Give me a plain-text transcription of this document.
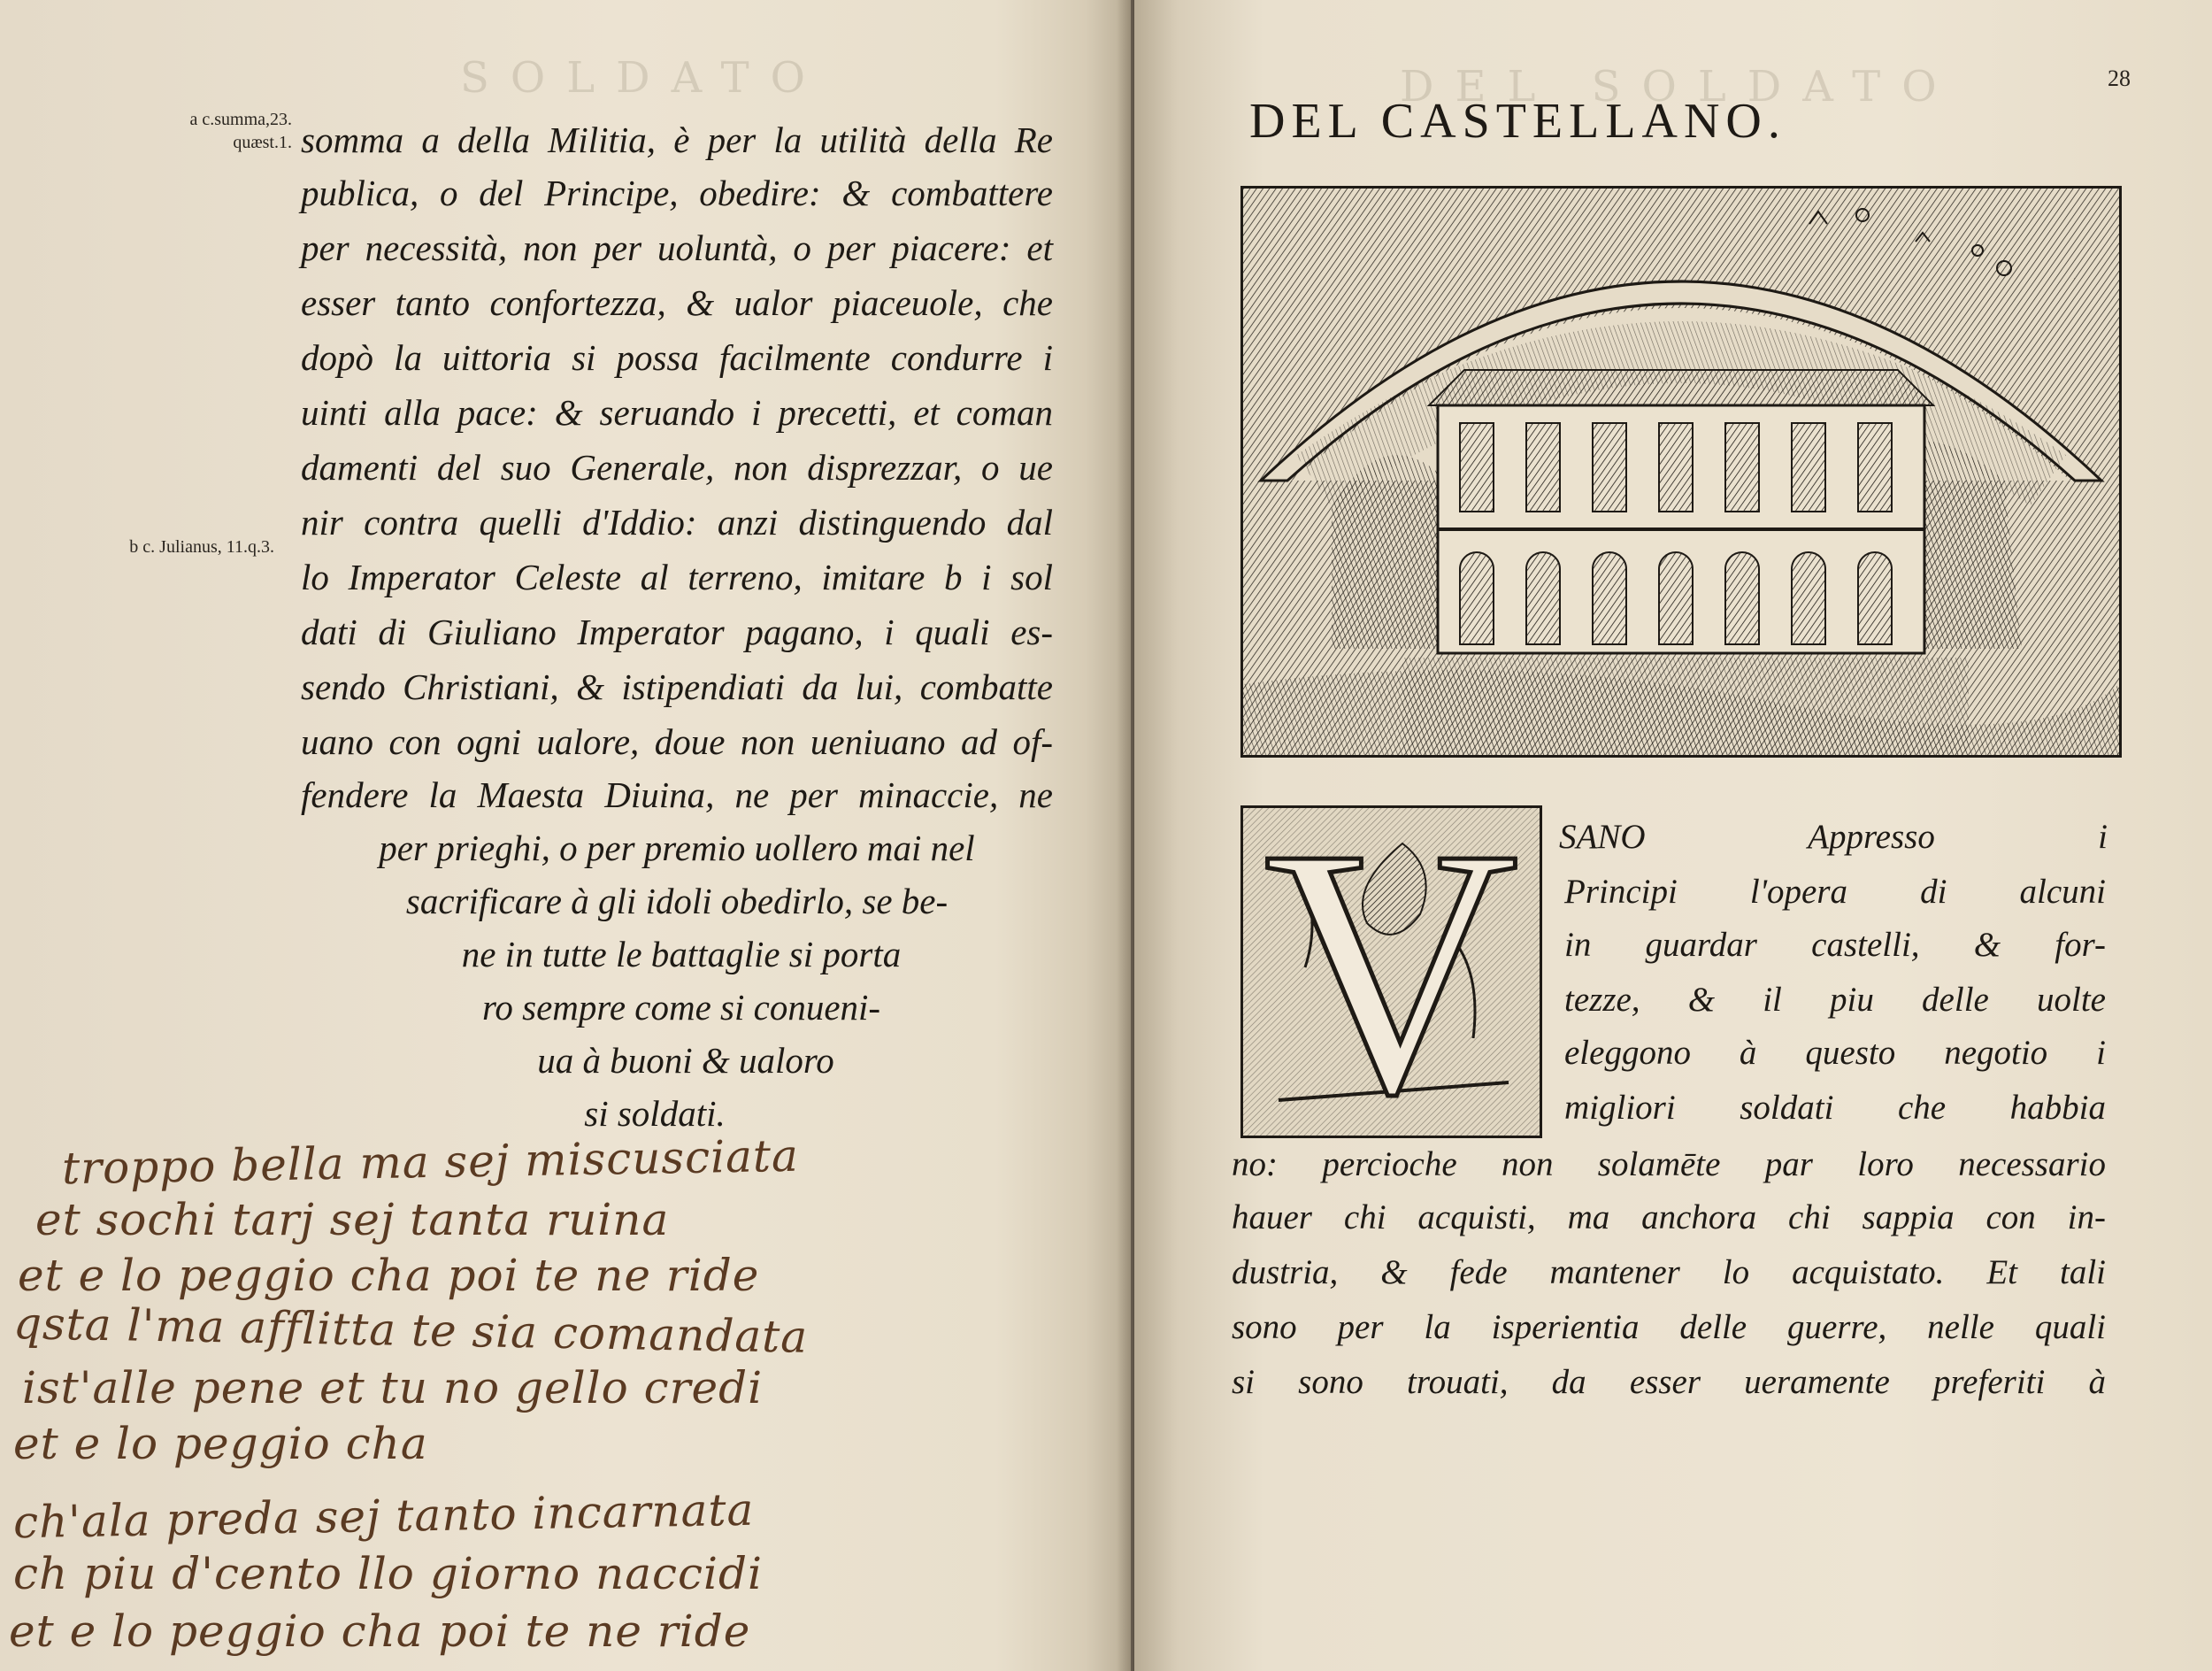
SOLDATO
a c.summa,23. quæst.1.
b c. Julianus, 11.q.3.

somma a della Militia, è per la utilità della Re

publica, o del Principe, obedire: & combattere

per necessità, non per uoluntà, o per piacere: et

esser tanto confortezza, & ualor piaceuole, che

dopò la uittoria si possa facilmente condurre i

uinti alla pace: & seruando i precetti, et coman

damenti del suo Generale, non disprezzar, o ue

nir contra quelli d'Iddio: anzi distinguendo dal

lo Imperator Celeste al terreno, imitare b i sol

dati di Giuliano Imperator pagano, i quali es-

sendo Christiani, & istipendiati da lui, combatte

uano con ogni ualore, doue non ueniuano ad of-

fendere la Maesta Diuina, ne per minaccie, ne

per prieghi, o per premio uollero mai nel

sacrificare à gli idoli obedirlo, se be-

ne in tutte le battaglie si porta

ro sempre come si conueni-

ua à buoni & ualoro

si soldati.

troppo bella ma sej miscusciata
et sochi tarj sej tanta ruina
et e lo peggio cha poi te ne ride
qsta l'ma afflitta te sia comandata
ist'alle pene et tu no gello credi
et e lo peggio cha
ch'ala preda sej tanto incarnata
ch piu d'cento llo giorno naccidi
et e lo peggio cha poi te ne ride
DEL SOLDATO	28
DEL CASTELLANO.
V SANO Appresso i

Principi l'opera di alcuni

in guardar castelli, & for-

tezze, & il piu delle uolte

eleggono à questo negotio i

migliori soldati che habbia

no: percioche non solamēte par loro necessario

hauer chi acquisti, ma anchora chi sappia con in-

dustria, & fede mantener lo acquistato. Et tali

sono per la isperientia delle guerre, nelle quali

si sono trouati, da esser ueramente preferiti à
